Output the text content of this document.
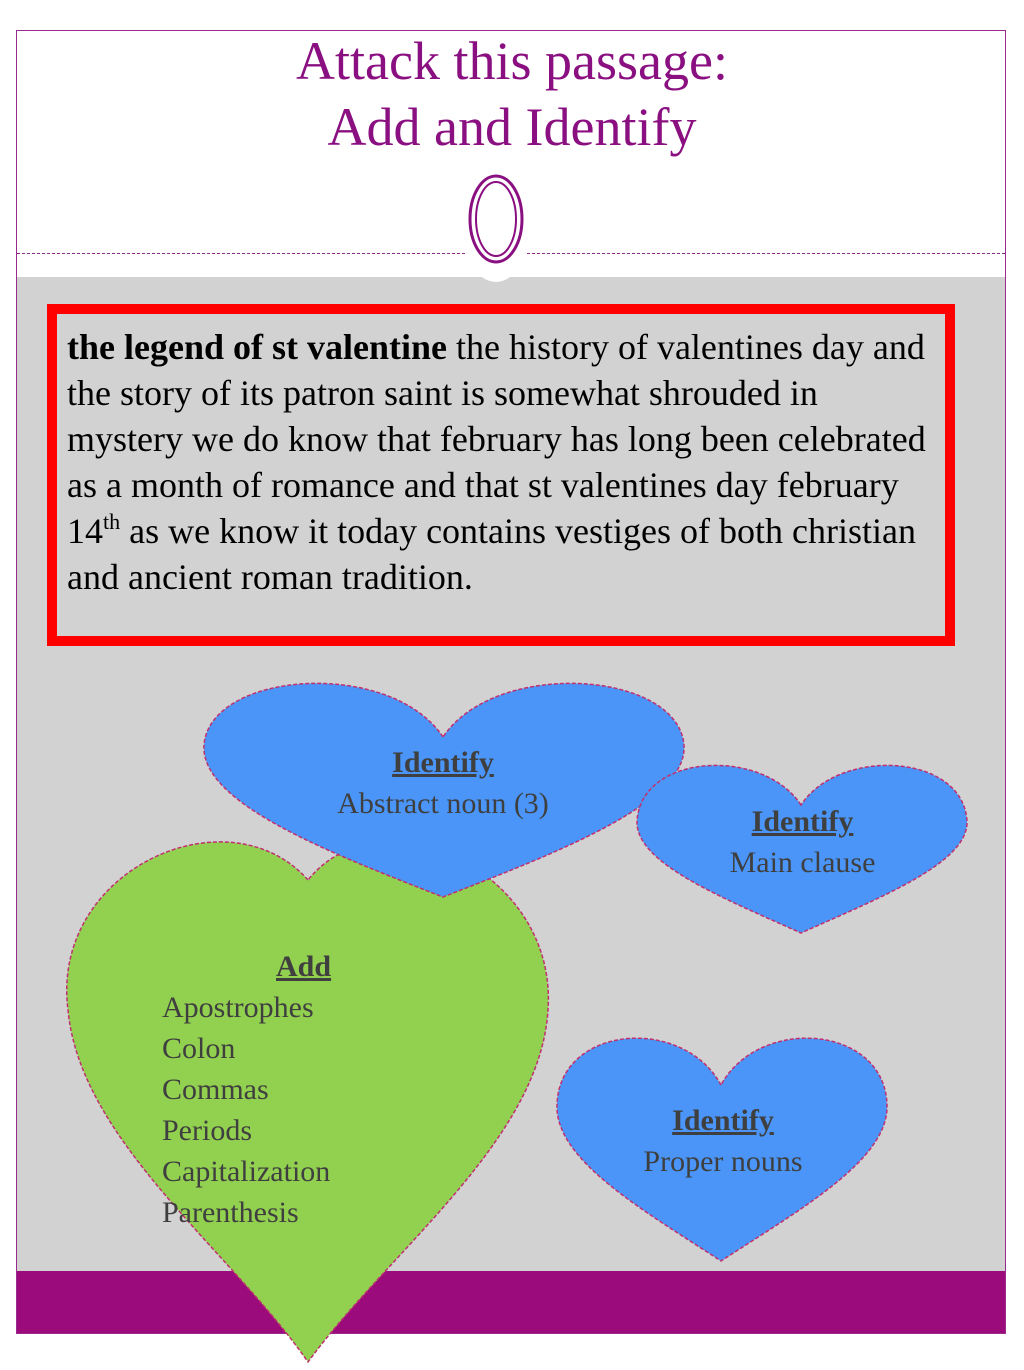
Attack this passage:
Add and Identify
the legend of st valentine the history of valentines day and the story of its patron saint is somewhat shrouded in mystery we do know that february has long been celebrated as a month of romance and that st valentines day february 14th as we know it today contains vestiges of both christian and ancient roman tradition.
Identify
Abstract noun (3)
Identify
Main clause
Add
Apostrophes
Colon
Commas
Periods
Capitalization
Parenthesis
Identify
Proper nouns
